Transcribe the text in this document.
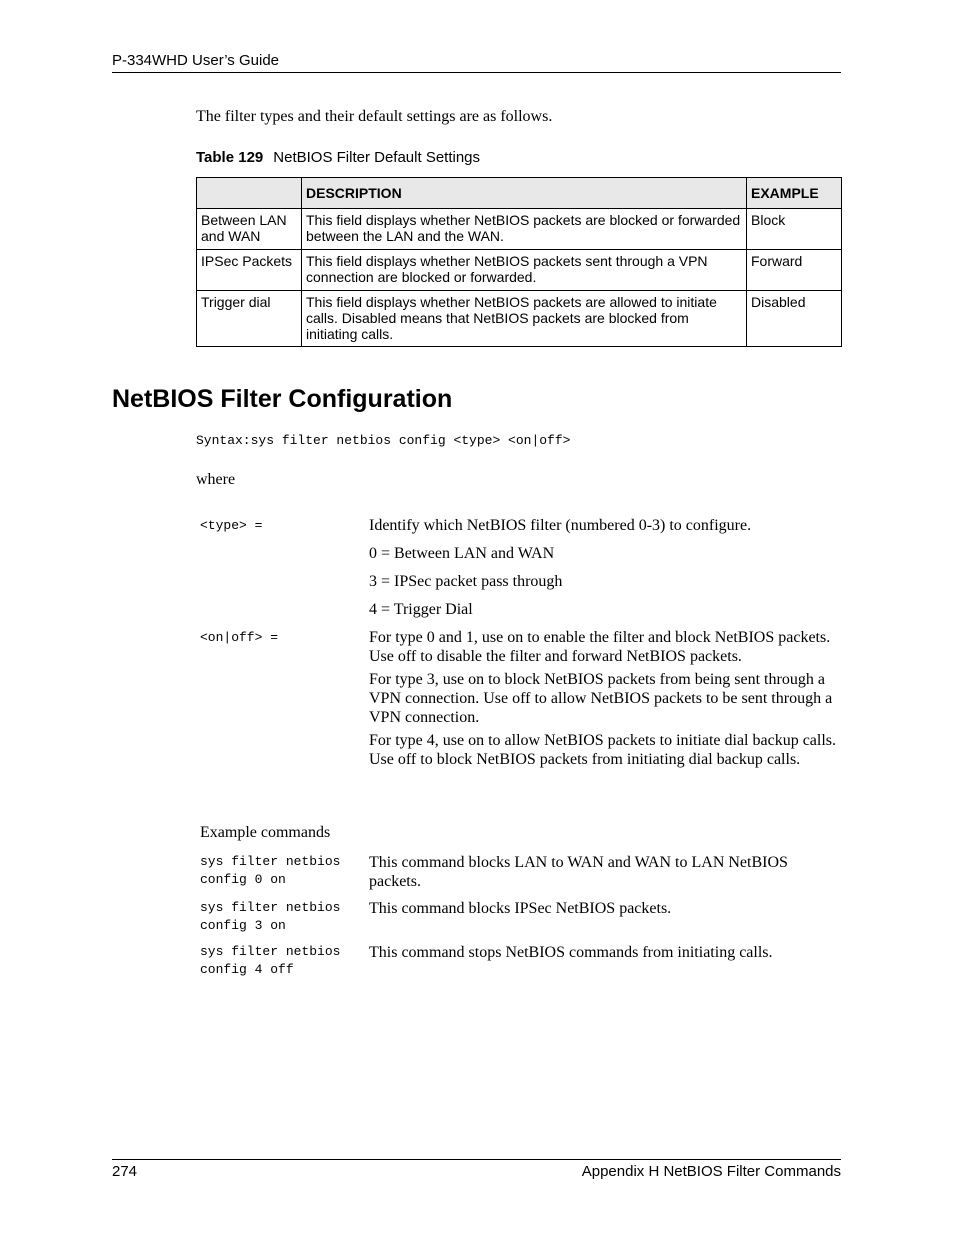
P-334WHD User’s Guide
The filter types and their default settings are as follows.
Table 129 NetBIOS Filter Default Settings
	DESCRIPTION	EXAMPLE
Between LAN and WAN	This field displays whether NetBIOS packets are blocked or forwarded between the LAN and the WAN.	Block
IPSec Packets	This field displays whether NetBIOS packets sent through a VPN connection are blocked or forwarded.	Forward
Trigger dial	This field displays whether NetBIOS packets are allowed to initiate calls. Disabled means that NetBIOS packets are blocked from initiating calls.	Disabled
NetBIOS Filter Configuration
Syntax:sys filter netbios config <type> <on|off>
where
<type> =	Identify which NetBIOS filter (numbered 0-3) to configure.

0 = Between LAN and WAN

3 = IPSec packet pass through

4 = Trigger Dial

<on|off> =	For type 0 and 1, use on to enable the filter and block NetBIOS packets. Use off to disable the filter and forward NetBIOS packets.

For type 3, use on to block NetBIOS packets from being sent through a VPN connection. Use off to allow NetBIOS packets to be sent through a VPN connection.

For type 4, use on to allow NetBIOS packets to initiate dial backup calls. Use off to block NetBIOS packets from initiating dial backup calls.

Example commands
sys filter netbios
config 0 on
This command blocks LAN to WAN and WAN to LAN NetBIOS packets.
sys filter netbios
config 3 on
This command blocks IPSec NetBIOS packets.
sys filter netbios
config 4 off
This command stops NetBIOS commands from initiating calls.
274	Appendix H NetBIOS Filter Commands
